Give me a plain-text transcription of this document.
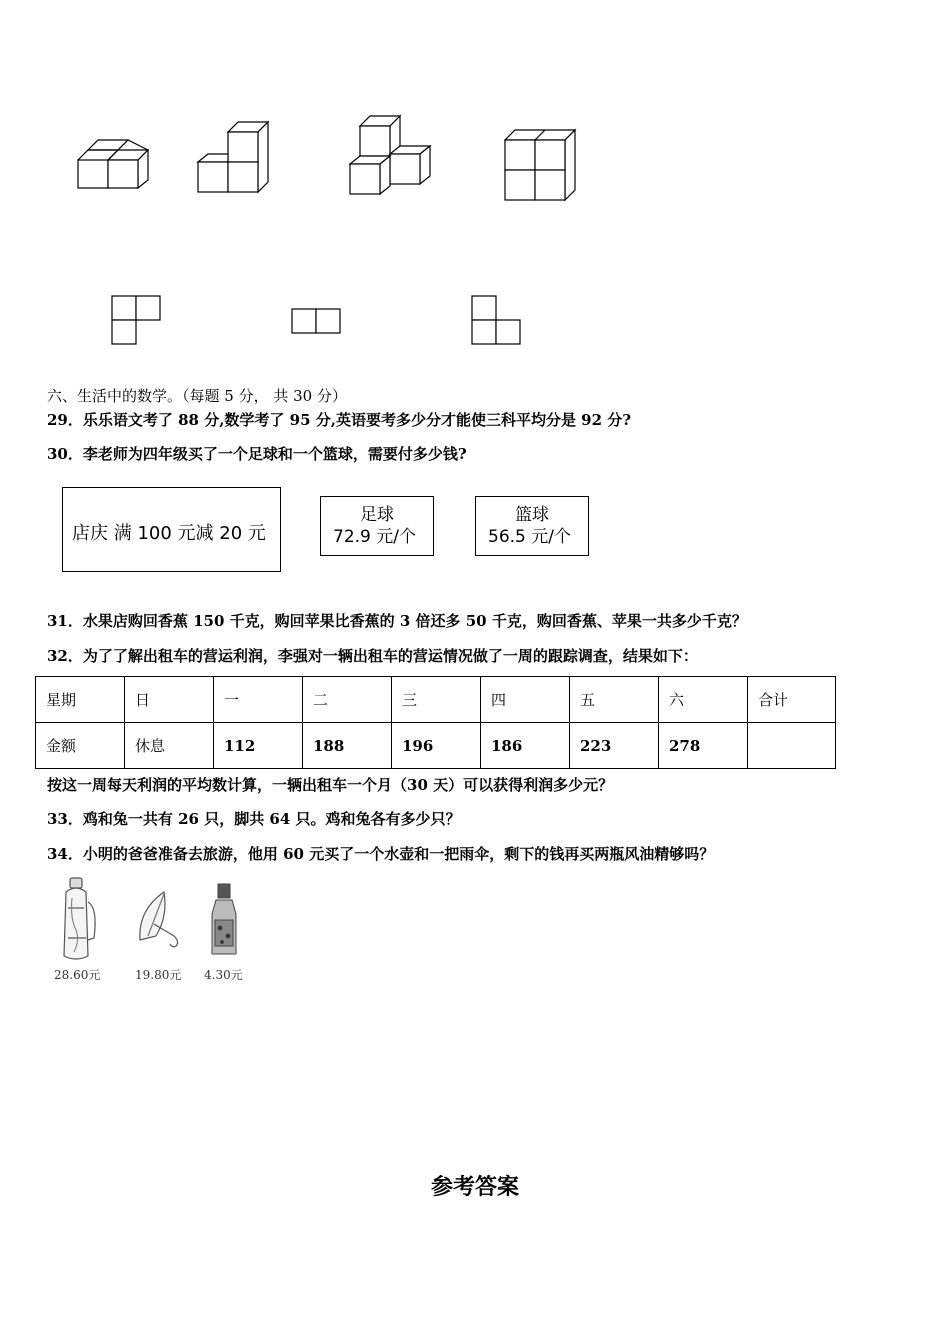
六、生活中的数学。（每题 5 分， 共 30 分）
29．乐乐语文考了 88 分,数学考了 95 分,英语要考多少分才能使三科平均分是 92 分?
30．李老师为四年级买了一个足球和一个篮球，需要付多少钱?
店庆 满 100 元减 20 元
足球
72.9 元/个
篮球
56.5 元/个
31．水果店购回香蕉 150 千克，购回苹果比香蕉的 3 倍还多 50 千克，购回香蕉、苹果一共多少千克？
32．为了了解出租车的营运利润，李强对一辆出租车的营运情况做了一周的跟踪调查，结果如下：
星期	日	一	二	三	四	五	六	合计
金额	休息	112	188	196	186	223	278	
按这一周每天利润的平均数计算，一辆出租车一个月（30 天）可以获得利润多少元？
33．鸡和兔一共有 26 只，脚共 64 只。鸡和兔各有多少只？
34．小明的爸爸准备去旅游，他用 60 元买了一个水壶和一把雨伞，剩下的钱再买两瓶风油精够吗？
28.60元	19.80元 4.30元
参考答案
